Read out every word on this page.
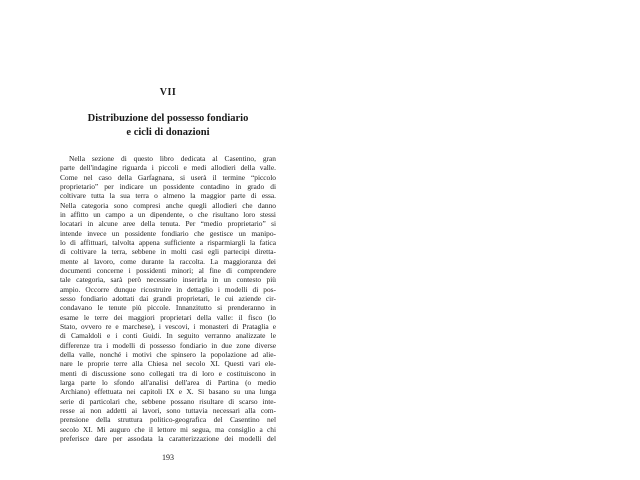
VII
Distribuzione del possesso fondiario
e cicli di donazioni
Nella sezione di questo libro dedicata al Casentino, gran
parte dell'indagine riguarda i piccoli e medi allodieri della valle.
Come nel caso della Garfagnana, si userà il termine “piccolo
proprietario” per indicare un possidente contadino in grado di
coltivare tutta la sua terra o almeno la maggior parte di essa.
Nella categoria sono compresi anche quegli allodieri che danno
in affitto un campo a un dipendente, o che risultano loro stessi
locatari in alcune aree della tenuta. Per “medio proprietario” si
intende invece un possidente fondiario che gestisce un manipo-
lo di affittuari, talvolta appena sufficiente a risparmiargli la fatica
di coltivare la terra, sebbene in molti casi egli partecipi diretta-
mente al lavoro, come durante la raccolta. La maggioranza dei
documenti concerne i possidenti minori; al fine di comprendere
tale categoria, sarà però necessario inserirla in un contesto più
ampio. Occorre dunque ricostruire in dettaglio i modelli di pos-
sesso fondiario adottati dai grandi proprietari, le cui aziende cir-
condavano le tenute più piccole. Innanzitutto si prenderanno in
esame le terre dei maggiori proprietari della valle: il fisco (lo
Stato, ovvero re e marchese), i vescovi, i monasteri di Prataglia e
di Camaldoli e i conti Guidi. In seguito verranno analizzate le
differenze tra i modelli di possesso fondiario in due zone diverse
della valle, nonché i motivi che spinsero la popolazione ad alie-
nare le proprie terre alla Chiesa nel secolo XI. Questi vari ele-
menti di discussione sono collegati tra di loro e costituiscono in
larga parte lo sfondo all'analisi dell'area di Partina (o medio
Archiano) effettuata nei capitoli IX e X. Si basano su una lunga
serie di particolari che, sebbene possano risultare di scarso inte-
resse ai non addetti ai lavori, sono tuttavia necessari alla com-
prensione della struttura politico-geografica del Casentino nel
secolo XI. Mi auguro che il lettore mi segua, ma consiglio a chi
preferisce dare per assodata la caratterizzazione dei modelli del
193
